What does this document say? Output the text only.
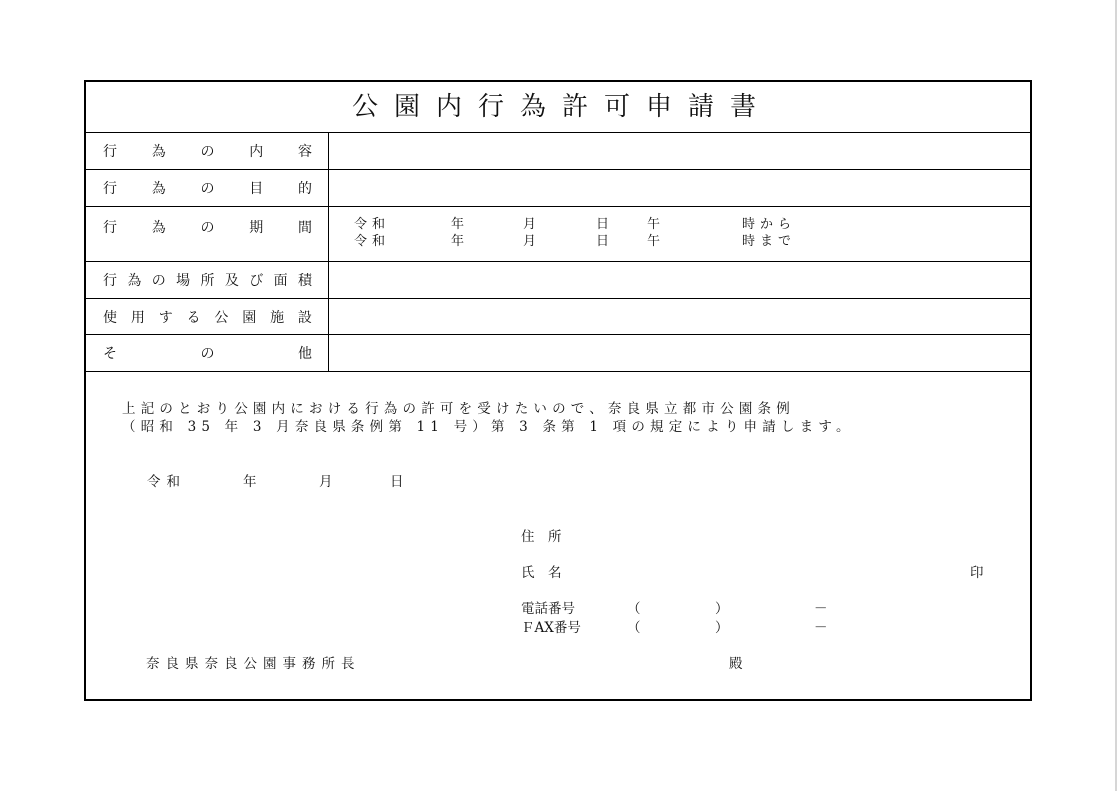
公園内行為許可申請書
行 為 の 内 容
行 為 の 目 的
行 為 の 期 間	令和	年	月	日	午	時から
令和	年	月	日	午	時まで
行 為 の 場 所 及 び 面 積
使 用 す る 公 園 施 設
そ	の	他
上記のとおり公園内における行為の許可を受けたいので、奈良県立都市公園条例
（昭和 35 年 3 月奈良県条例第 11 号）第 3 条第 1 項の規定により申請します。
令和	年	月	日
住　所
氏　名	印
電話番号	（	）	－
ＦAX番号	（	）	－
奈良県奈良公園事務所長	殿
